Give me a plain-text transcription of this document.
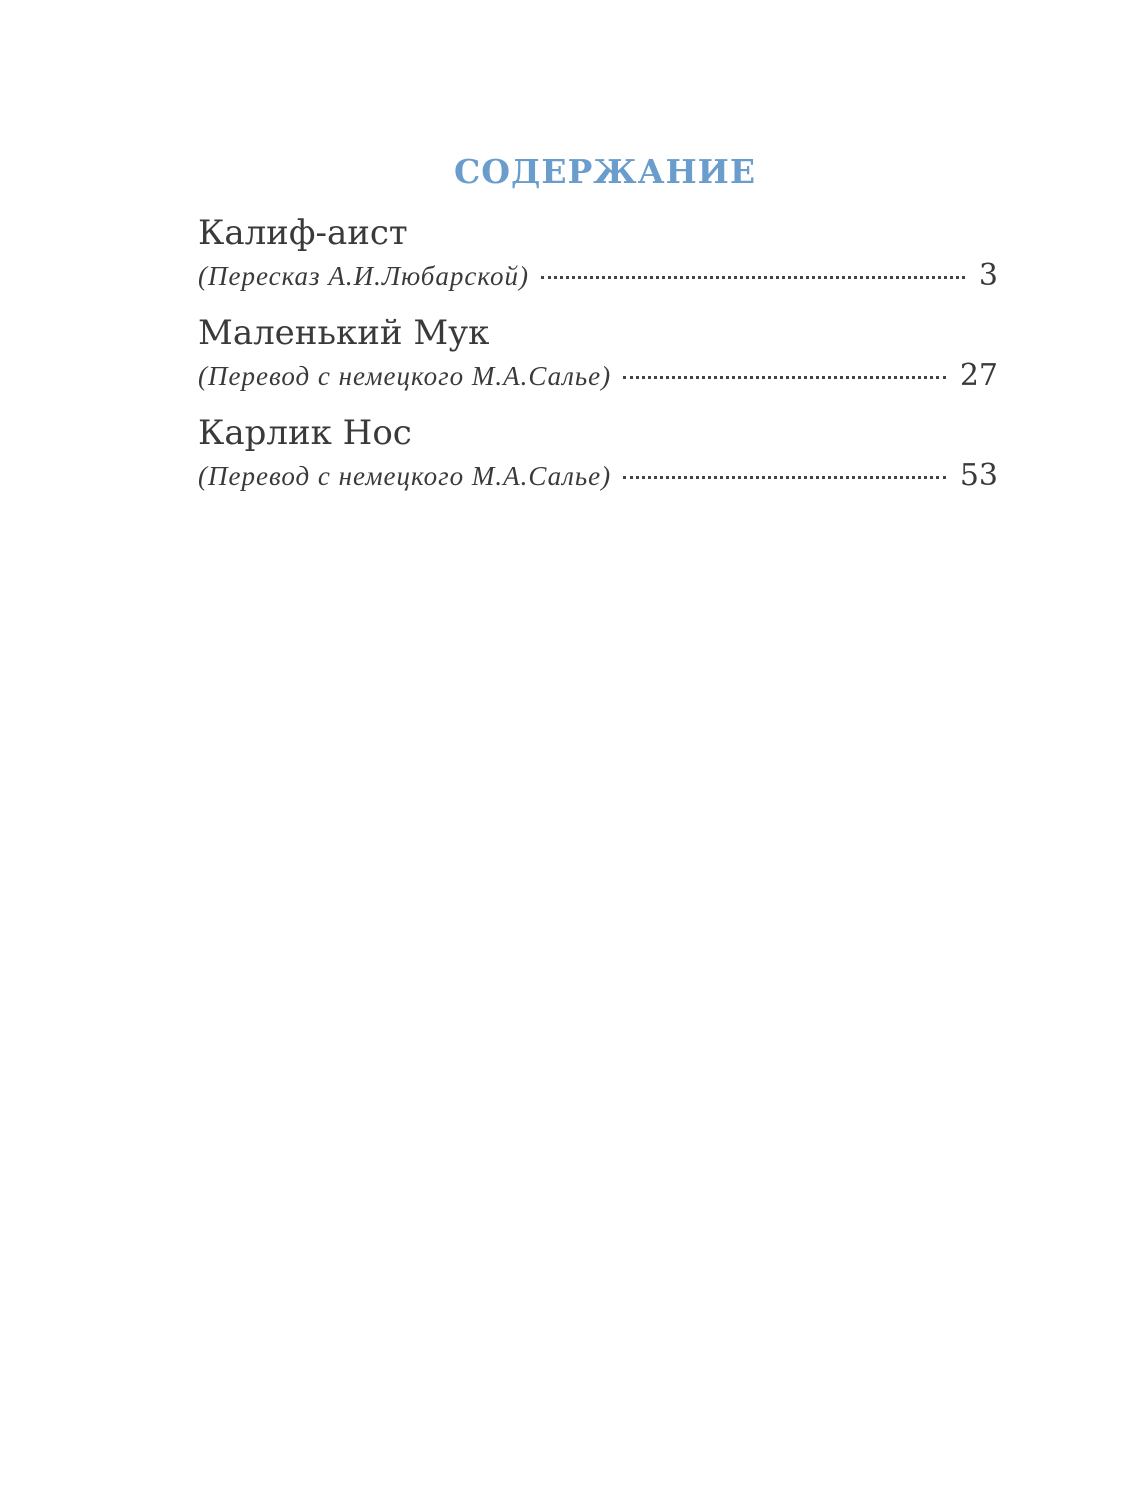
СОДЕРЖАНИЕ
Калиф-аист
(Пересказ А.И.Любарской)	3
Маленький Мук
(Перевод с немецкого М.А.Салье)	27
Карлик Нос
(Перевод с немецкого М.А.Салье)	53
